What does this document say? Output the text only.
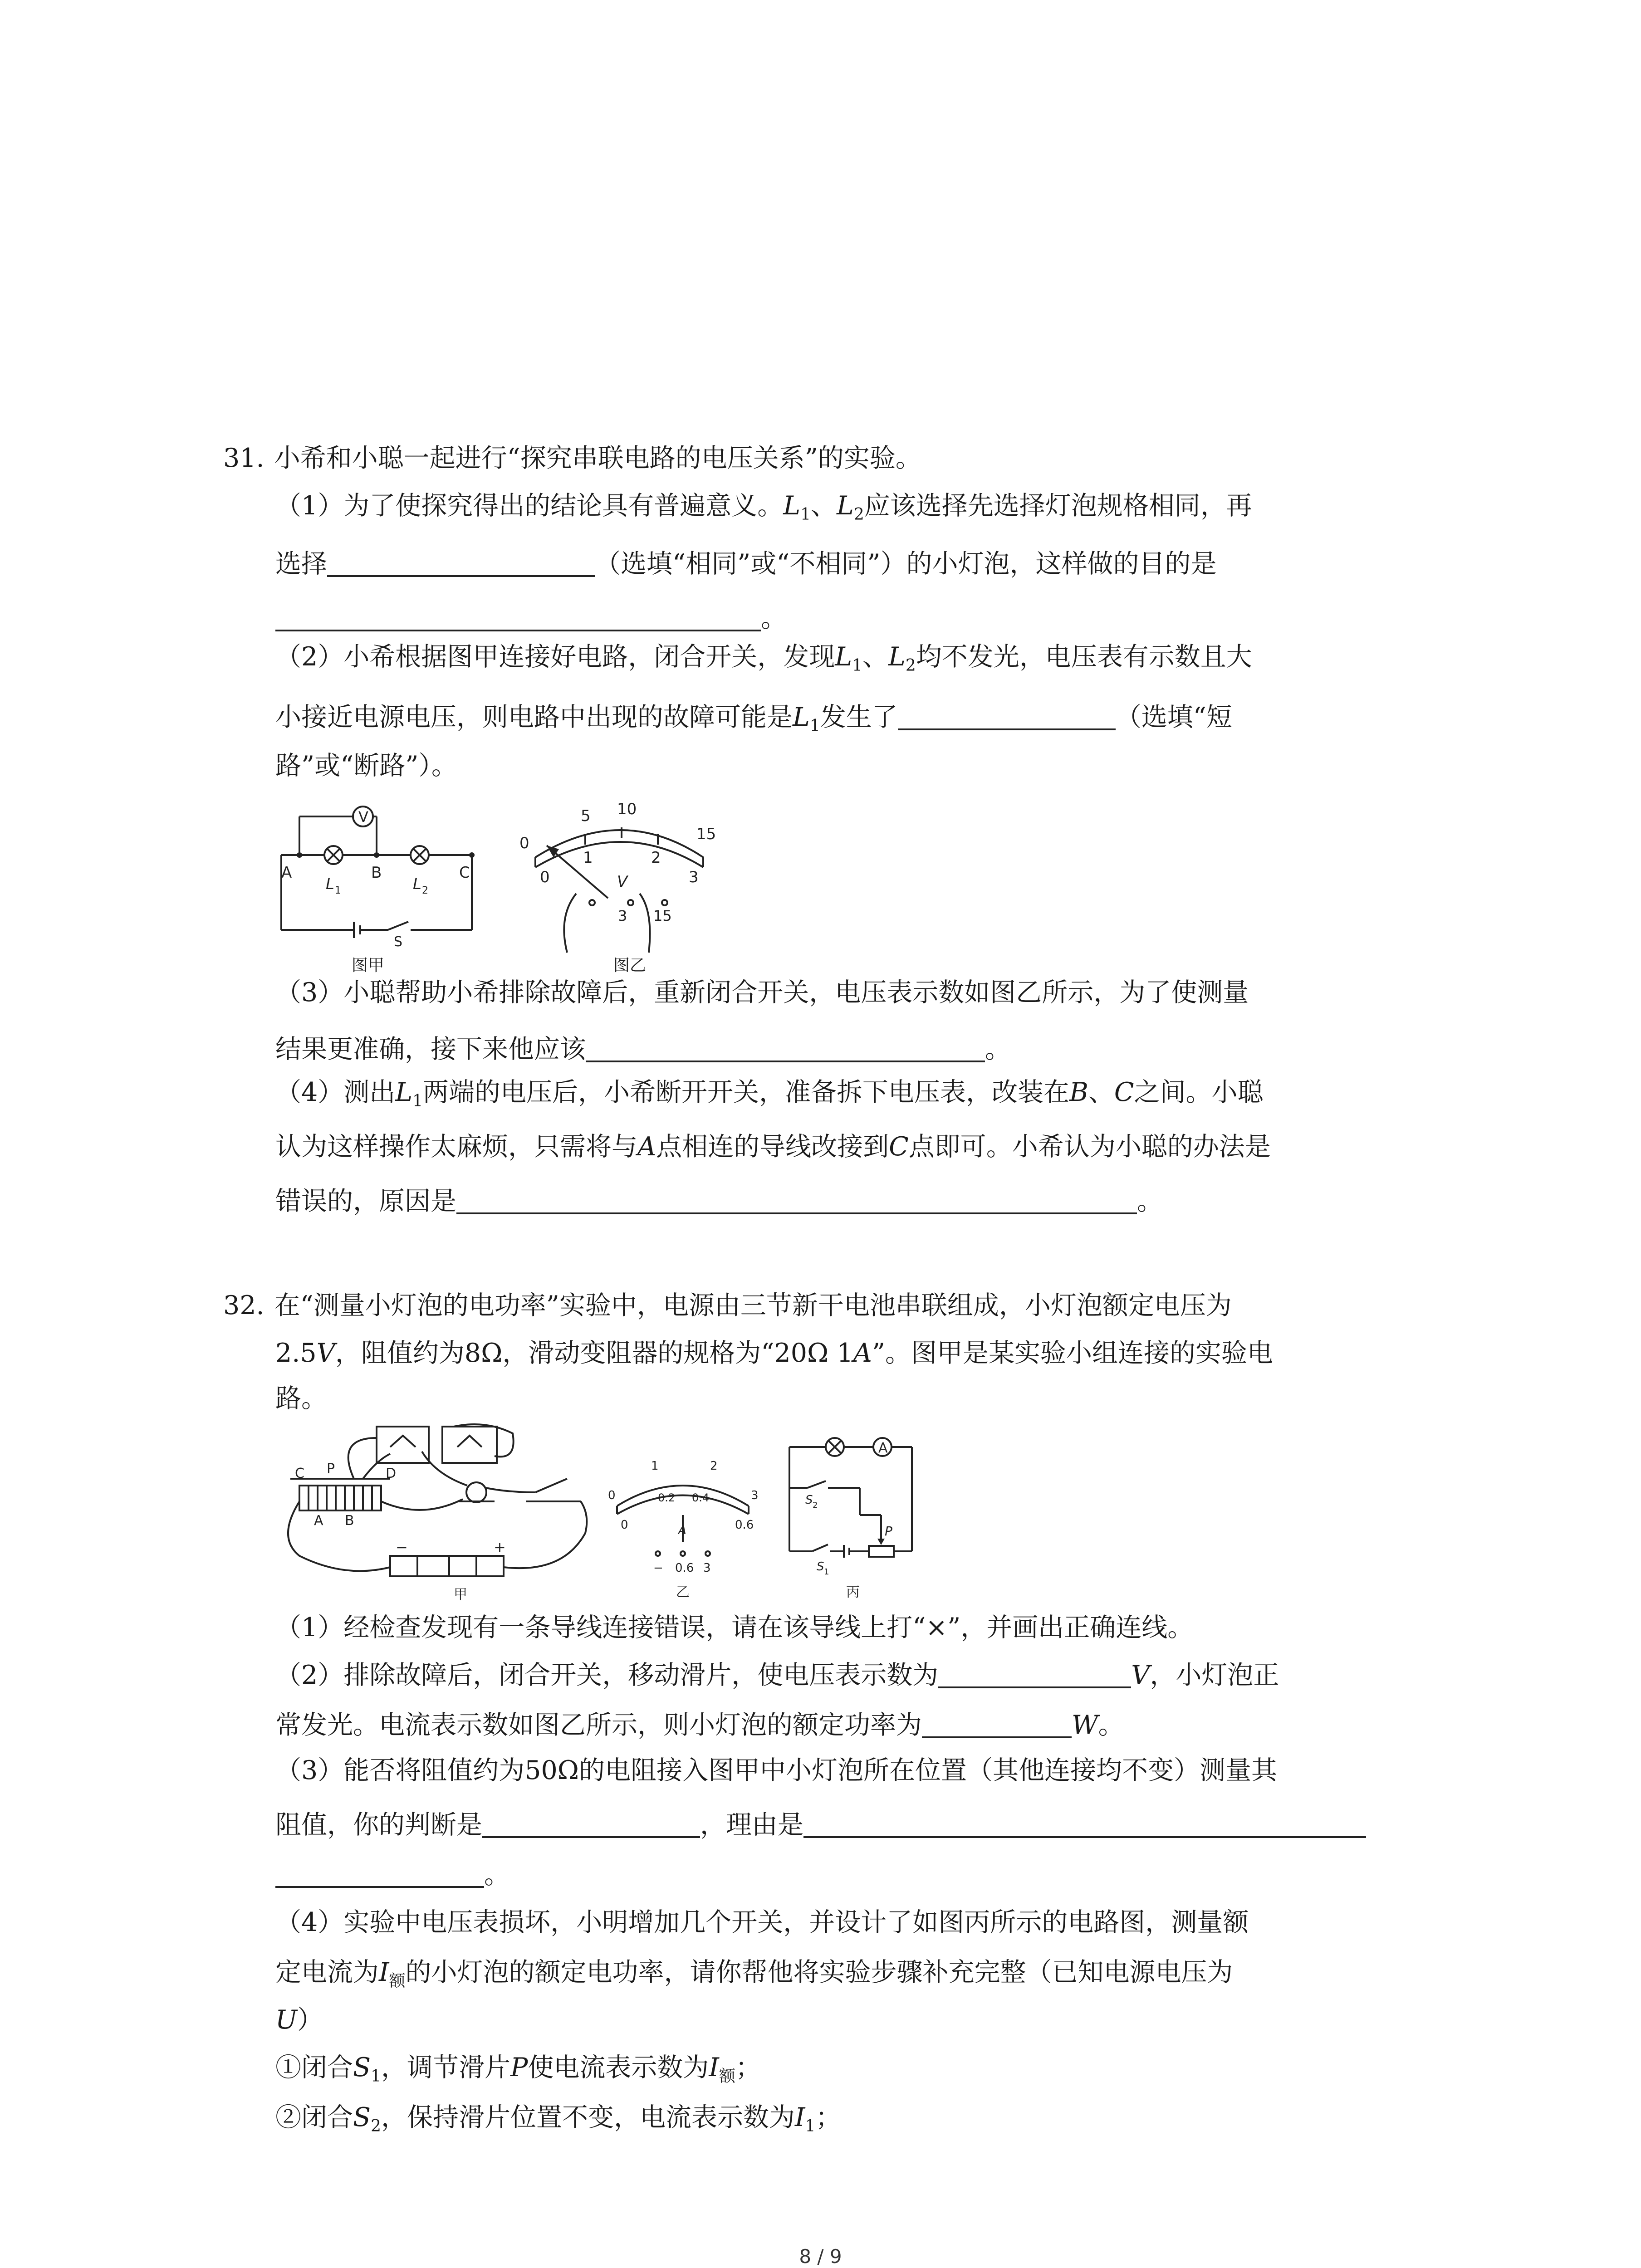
31. 小希和小聪一起进行“探究串联电路的电压关系”的实验。
（1）为了使探究得出的结论具有普遍意义。$L_1$、$L_2$应该选择先选择灯泡规格相同，再
选择	（选填“相同”或“不相同”）的小灯泡，这样做的目的是
。
（2）小希根据图甲连接好电路，闭合开关，发现$L_1$、$L_2$均不发光，电压表有示数且大
小接近电源电压，则电路中出现的故障可能是$L_1$发生了	（选填“短
路”或“断路”）。
V
A	B	C
L 1	L 2
S
图甲
5 10
15
0
0
1	2
3
V
3 15
图乙
（3）小聪帮助小希排除故障后，重新闭合开关，电压表示数如图乙所示，为了使测量
结果更准确，接下来他应该	。
（4）测出$L_1$两端的电压后，小希断开开关，准备拆下电压表，改装在B、C之间。小聪
认为这样操作太麻烦，只需将与A点相连的导线改接到C点即可。小希认为小聪的办法是
错误的，原因是	。
32. 在“测量小灯泡的电功率”实验中，电源由三节新干电池串联组成，小灯泡额定电压为
2.5V，阻值约为8Ω，滑动变阻器的规格为“20Ω 1A”。图甲是某实验小组连接的实验电
路。
C P	D
A B
−	+
甲
1	2
0.2 0.4
0	3
0	0.6
A
− 0.6 3
乙
A
S 2
S 1
P
丙
（1）经检查发现有一条导线连接错误，请在该导线上打“×”，并画出正确连线。
（2）排除故障后，闭合开关，移动滑片，使电压表示数为	V，小灯泡正
常发光。电流表示数如图乙所示，则小灯泡的额定功率为	W。
（3）能否将阻值约为50Ω的电阻接入图甲中小灯泡所在位置（其他连接均不变）测量其
阻值，你的判断是	，理由是
。
（4）实验中电压表损坏，小明增加几个开关，并设计了如图丙所示的电路图，测量额
定电流为$I_额$的小灯泡的额定电功率，请你帮他将实验步骤补充完整（已知电源电压为
U）
①闭合$S_1$，调节滑片P使电流表示数为$I_额$；
②闭合$S_2$，保持滑片位置不变，电流表示数为$I_1$；
8 / 9
